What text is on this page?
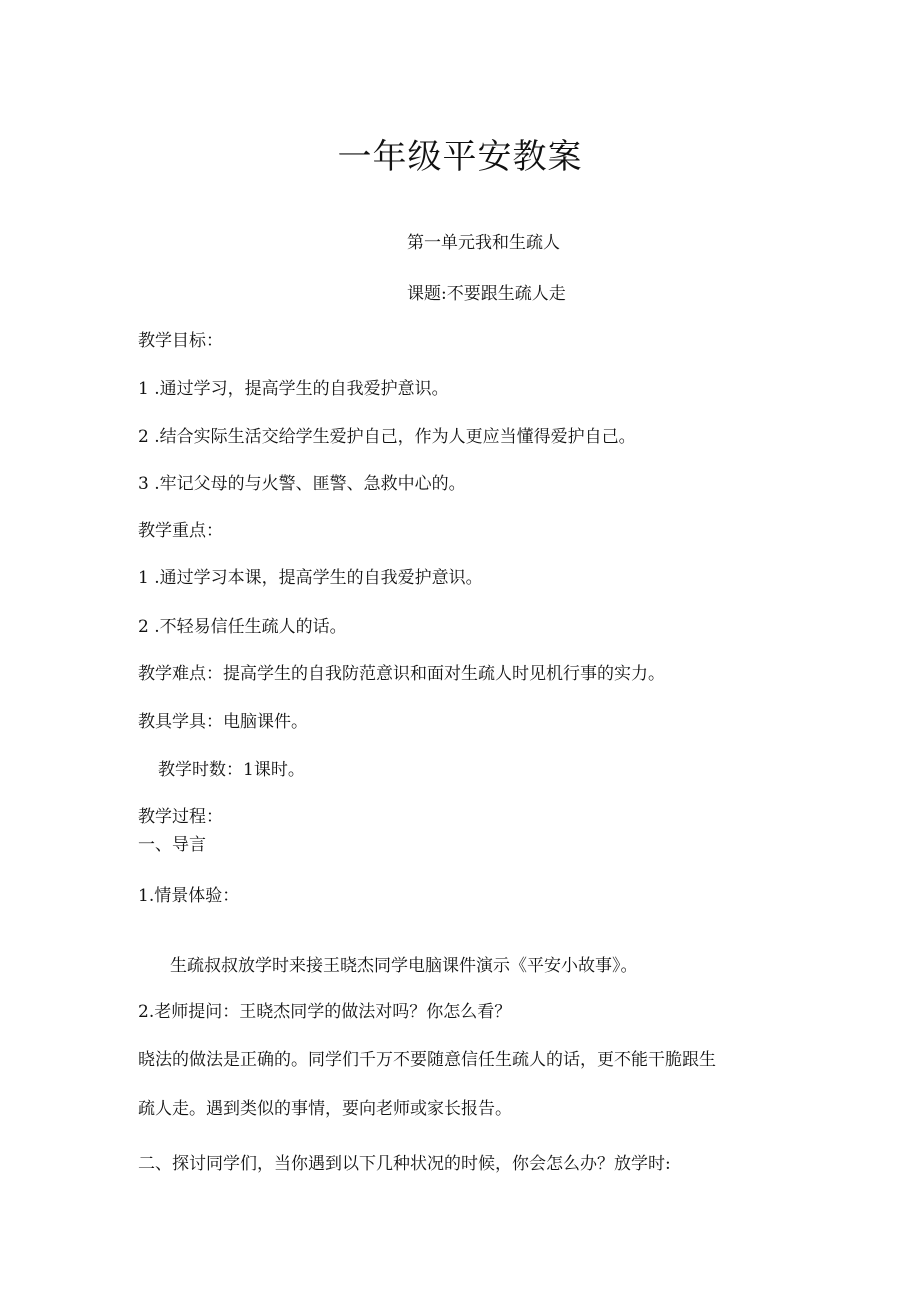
一年级平安教案
第一单元我和生疏人
课题:不要跟生疏人走
教学目标：
1 .通过学习，提高学生的自我爱护意识。
2 .结合实际生活交给学生爱护自己，作为人更应当懂得爱护自己。
3 .牢记父母的与火警、匪警、急救中心的。
教学重点：
1 .通过学习本课，提高学生的自我爱护意识。
2 .不轻易信任生疏人的话。
教学难点：提高学生的自我防范意识和面对生疏人时见机行事的实力。
教具学具：电脑课件。
教学时数：1课时。
教学过程：
一、导言
1.情景体验：
生疏叔叔放学时来接王晓杰同学电脑课件演示《平安小故事》。
2.老师提问：王晓杰同学的做法对吗？你怎么看？
晓法的做法是正确的。同学们千万不要随意信任生疏人的话，更不能干脆跟生
疏人走。遇到类似的事情，要向老师或家长报告。
二、探讨同学们，当你遇到以下几种状况的时候，你会怎么办？放学时:
